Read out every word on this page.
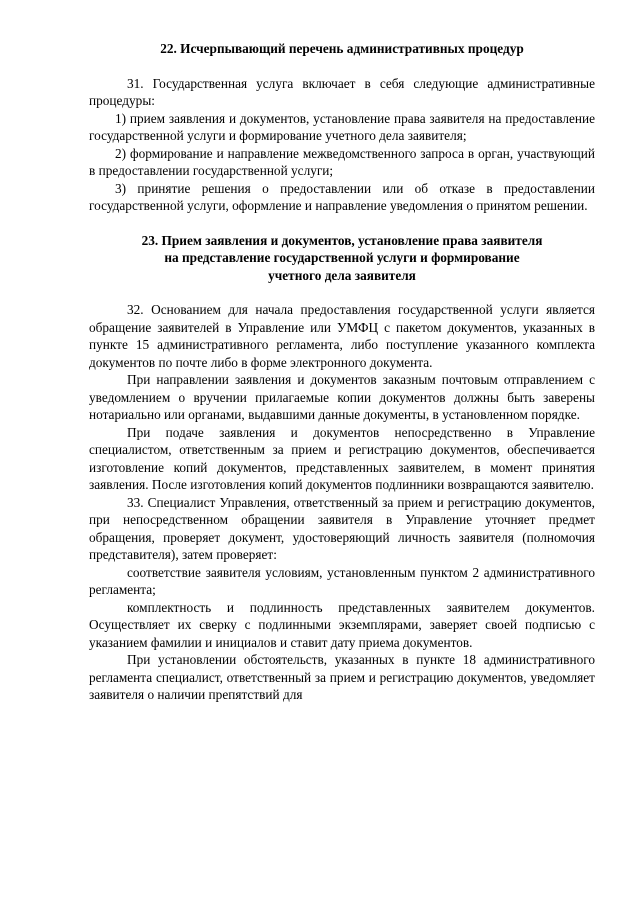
22. Исчерпывающий перечень административных процедур

31. Государственная услуга включает в себя следующие административные процедуры:

1) прием заявления и документов, установление права заявителя на предоставление государственной услуги и формирование учетного дела заявителя;

2) формирование и направление межведомственного запроса в орган, участвующий в предоставлении государственной услуги;

3) принятие решения о предоставлении или об отказе в предоставлении государственной услуги, оформление и направление уведомления о принятом решении.

23. Прием заявления и документов, установление права заявителя
на представление государственной услуги и формирование
учетного дела заявителя

32. Основанием для начала предоставления государственной услуги является обращение заявителей в Управление или УМФЦ с пакетом документов, указанных в пункте 15 административного регламента, либо поступление указанного комплекта документов по почте либо в форме электронного документа.

При направлении заявления и документов заказным почтовым отправлением с уведомлением о вручении прилагаемые копии документов должны быть заверены нотариально или органами, выдавшими данные документы, в установленном порядке.

При подаче заявления и документов непосредственно в Управление специалистом, ответственным за прием и регистрацию документов, обеспечивается изготовление копий документов, представленных заявителем, в момент принятия заявления. После изготовления копий документов подлинники возвращаются заявителю.

33. Специалист Управления, ответственный за прием и регистрацию документов, при непосредственном обращении заявителя в Управление уточняет предмет обращения, проверяет документ, удостоверяющий личность заявителя (полномочия представителя), затем проверяет:

соответствие заявителя условиям, установленным пунктом 2 административного регламента;

комплектность и подлинность представленных заявителем документов. Осуществляет их сверку с подлинными экземплярами, заверяет своей подписью с указанием фамилии и инициалов и ставит дату приема документов.

При установлении обстоятельств, указанных в пункте 18 административного регламента специалист, ответственный за прием и регистрацию документов, уведомляет заявителя о наличии препятствий для
